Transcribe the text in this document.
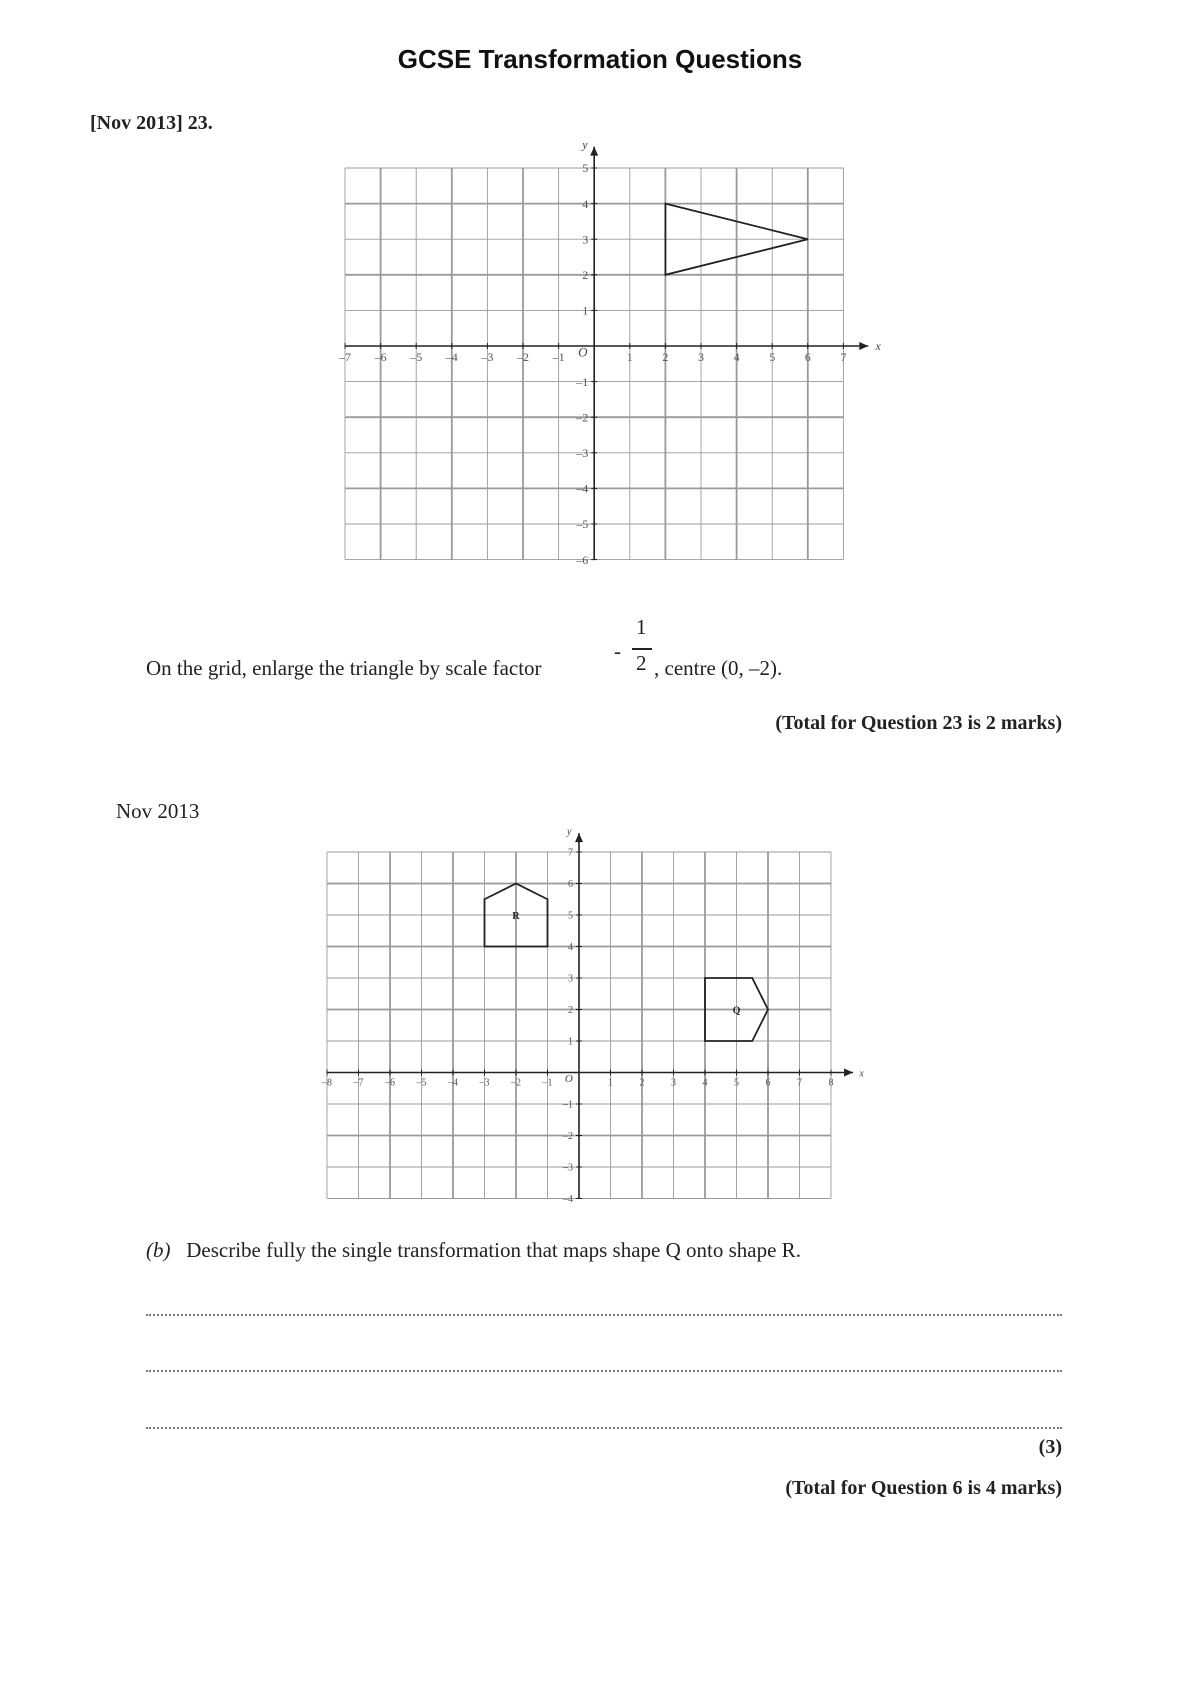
GCSE Transformation Questions
[Nov 2013] 23.
x
y
O
–7 –6 –5 –4 –3 –2 –1	1 2 3 4 5 6 7
5
4
3
2
1
–1
–2
–3
–4
–5
–6
On the grid, enlarge the triangle by scale factor
-
1
2 , centre (0, –2).
(Total for Question 23 is 2 marks)
Nov 2013
x
y
O
–8 –7 –6 –5 –4 –3 –2 –1	1	2	3	4	5	6	7	8
7
6
5
4
3
2
1
–1
–2
–3
–4
R
Q
(b) Describe fully the single transformation that maps shape Q onto shape R.
(3)
(Total for Question 6 is 4 marks)
